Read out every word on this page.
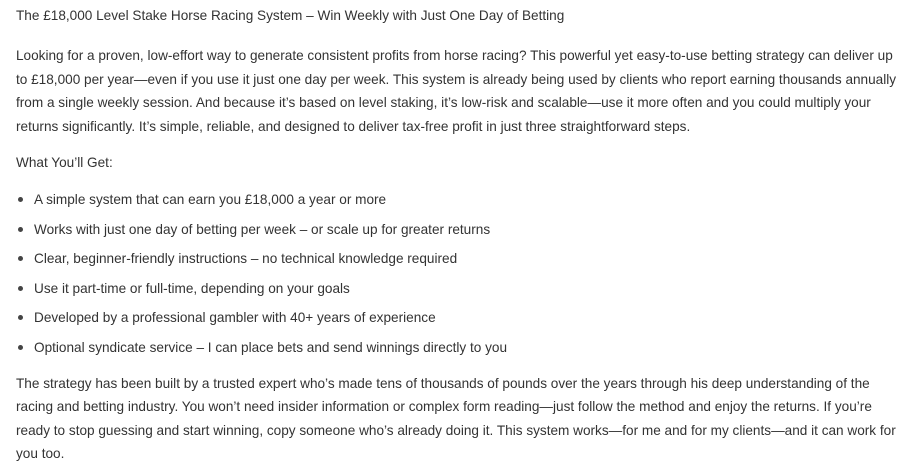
The £18,000 Level Stake Horse Racing System – Win Weekly with Just One Day of Betting

Looking for a proven, low-effort way to generate consistent profits from horse racing? This powerful yet easy-to-use betting strategy can deliver up to £18,000 per year—even if you use it just one day per week. This system is already being used by clients who report earning thousands annually from a single weekly session. And because it’s based on level staking, it’s low-risk and scalable—use it more often and you could multiply your returns significantly. It’s simple, reliable, and designed to deliver tax-free profit in just three straightforward steps.

What You’ll Get:

A simple system that can earn you £18,000 a year or more
Works with just one day of betting per week – or scale up for greater returns
Clear, beginner-friendly instructions – no technical knowledge required
Use it part-time or full-time, depending on your goals
Developed by a professional gambler with 40+ years of experience
Optional syndicate service – I can place bets and send winnings directly to you

The strategy has been built by a trusted expert who’s made tens of thousands of pounds over the years through his deep understanding of the racing and betting industry. You won’t need insider information or complex form reading—just follow the method and enjoy the returns. If you’re ready to stop guessing and start winning, copy someone who’s already doing it. This system works—for me and for my clients—and it can work for you too.
